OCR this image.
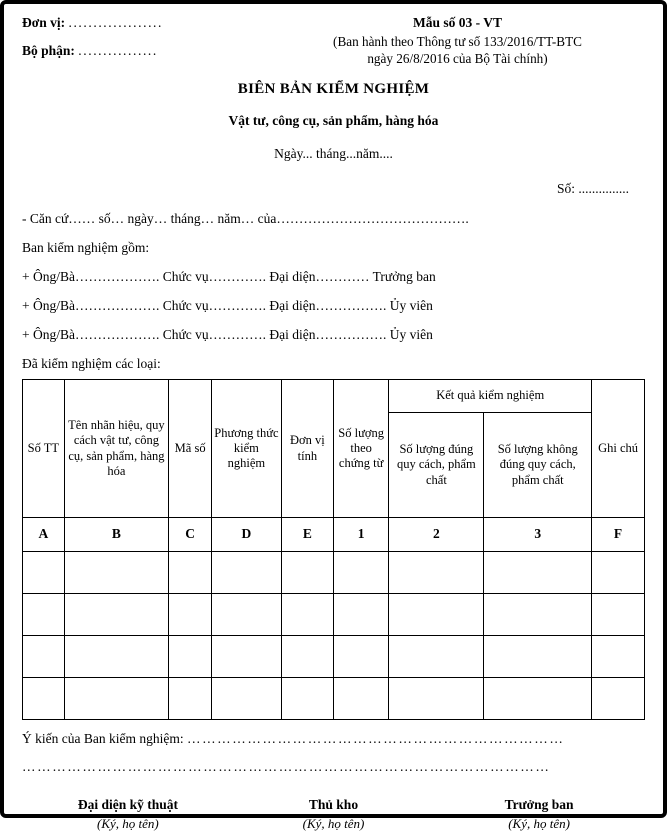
Đơn vị: ...................
Bộ phận: ................
Mẫu số 03 - VT
(Ban hành theo Thông tư số 133/2016/TT-BTC
ngày 26/8/2016 của Bộ Tài chính)
BIÊN BẢN KIỂM NGHIỆM
Vật tư, công cụ, sản phẩm, hàng hóa
Ngày... tháng...năm....
Số: ...............
- Căn cứ…… số… ngày… tháng… năm… của…………………………………….
Ban kiểm nghiệm gồm:
+ Ông/Bà………………. Chức vụ…………. Đại diện………… Trưởng ban
+ Ông/Bà………………. Chức vụ…………. Đại diện……………. Ủy viên
+ Ông/Bà………………. Chức vụ…………. Đại diện……………. Ủy viên
Đã kiểm nghiệm các loại:
Số TT	Tên nhãn hiệu, quy cách vật tư, công cụ, sản phẩm, hàng hóa	Mã số	Phương thức kiểm nghiệm	Đơn vị tính	Số lượng theo chứng từ	Kết quả kiểm nghiệm		Ghi chú
						Số lượng đúng quy cách, phẩm chất	Số lượng không đúng quy cách, phẩm chất	
A	B	C	D	E	1	2	3	F

Ý kiến của Ban kiểm nghiệm: …………………………………………………………………
……………………………………………………………………………………………
Đại diện kỹ thuật
(Ký, họ tên)
Thủ kho
(Ký, họ tên)
Trưởng ban
(Ký, họ tên)
